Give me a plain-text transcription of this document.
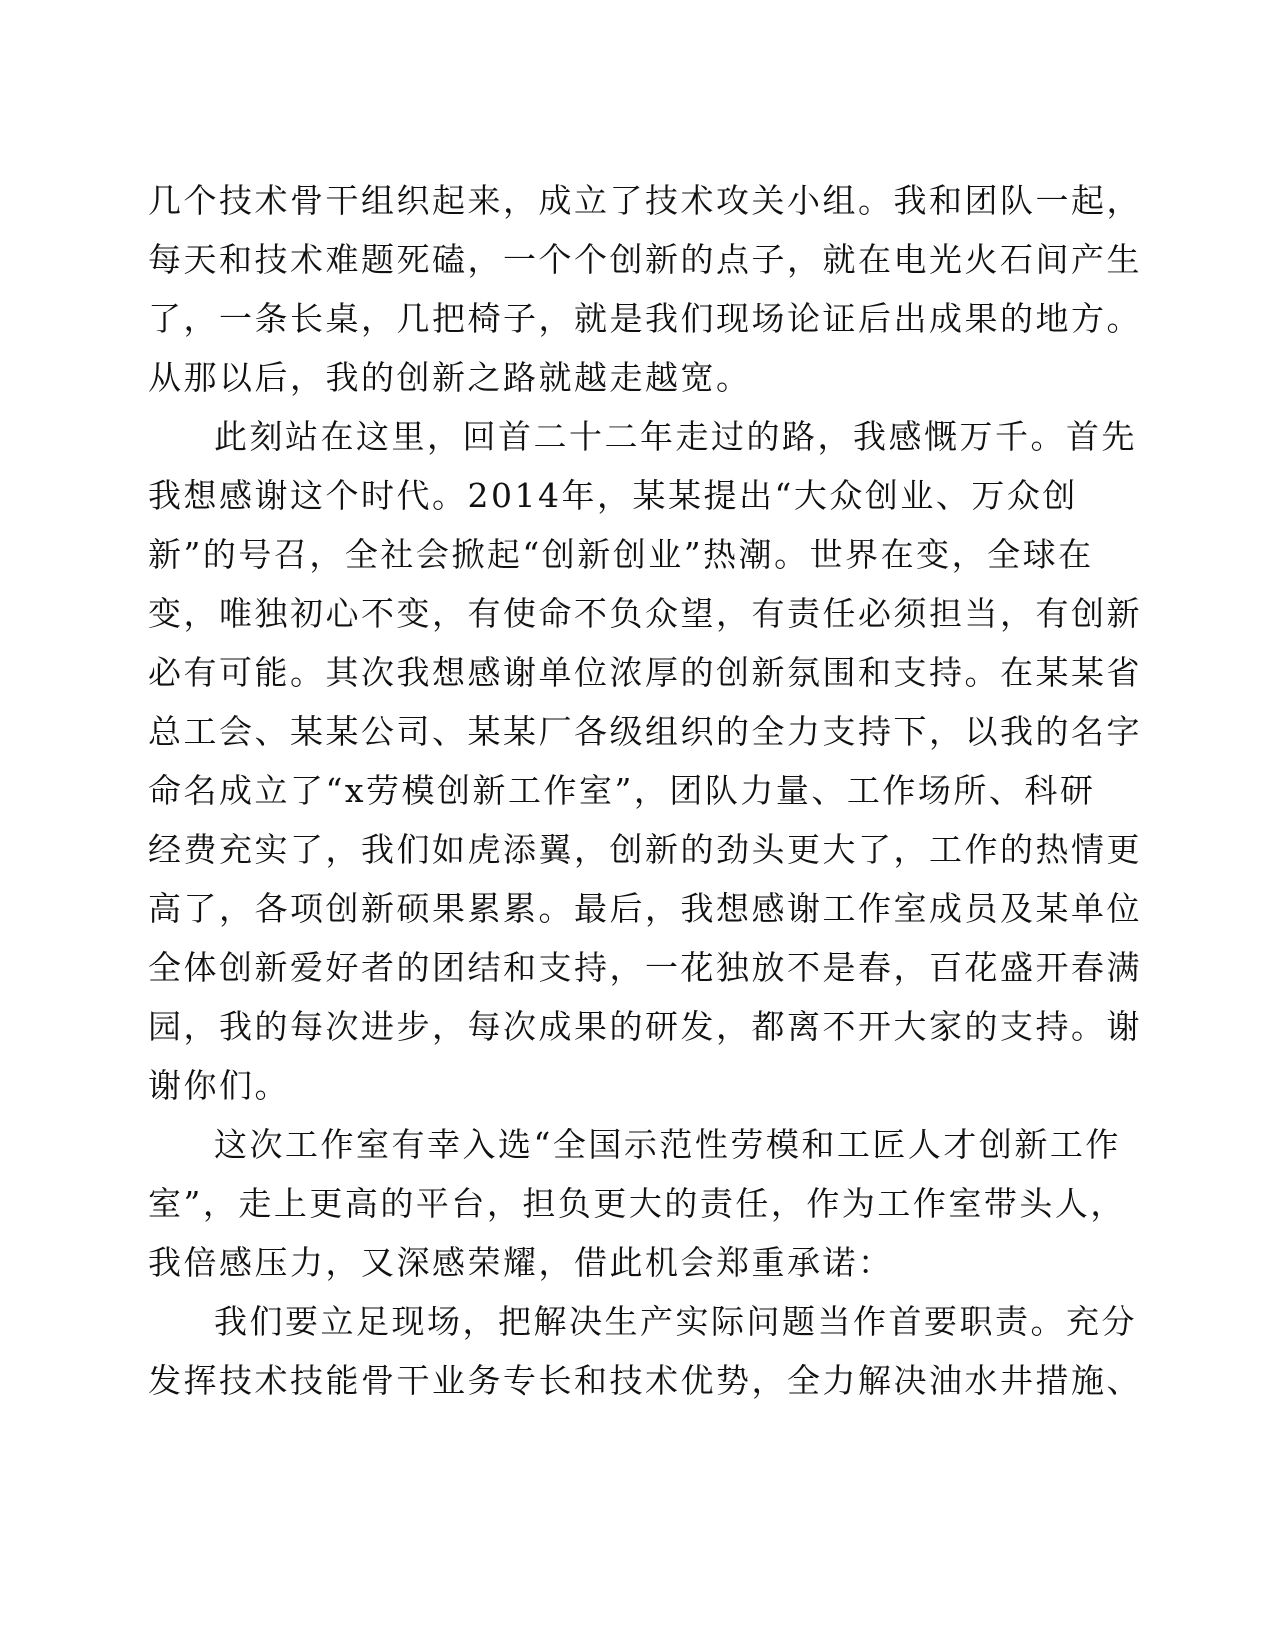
几个技术骨干组织起来，成立了技术攻关小组。我和团队一起，
每天和技术难题死磕，一个个创新的点子，就在电光火石间产生
了，一条长桌，几把椅子，就是我们现场论证后出成果的地方。
从那以后，我的创新之路就越走越宽。
此刻站在这里，回首二十二年走过的路，我感慨万千。首先
我想感谢这个时代。2014年，某某提出“大众创业、万众创
新”的号召，全社会掀起“创新创业”热潮。世界在变，全球在
变，唯独初心不变，有使命不负众望，有责任必须担当，有创新
必有可能。其次我想感谢单位浓厚的创新氛围和支持。在某某省
总工会、某某公司、某某厂各级组织的全力支持下，以我的名字
命名成立了“x劳模创新工作室”，团队力量、工作场所、科研
经费充实了，我们如虎添翼，创新的劲头更大了，工作的热情更
高了，各项创新硕果累累。最后，我想感谢工作室成员及某单位
全体创新爱好者的团结和支持，一花独放不是春，百花盛开春满
园，我的每次进步，每次成果的研发，都离不开大家的支持。谢
谢你们。
这次工作室有幸入选“全国示范性劳模和工匠人才创新工作
室”，走上更高的平台，担负更大的责任，作为工作室带头人，
我倍感压力，又深感荣耀，借此机会郑重承诺：
我们要立足现场，把解决生产实际问题当作首要职责。充分
发挥技术技能骨干业务专长和技术优势，全力解决油水井措施、
